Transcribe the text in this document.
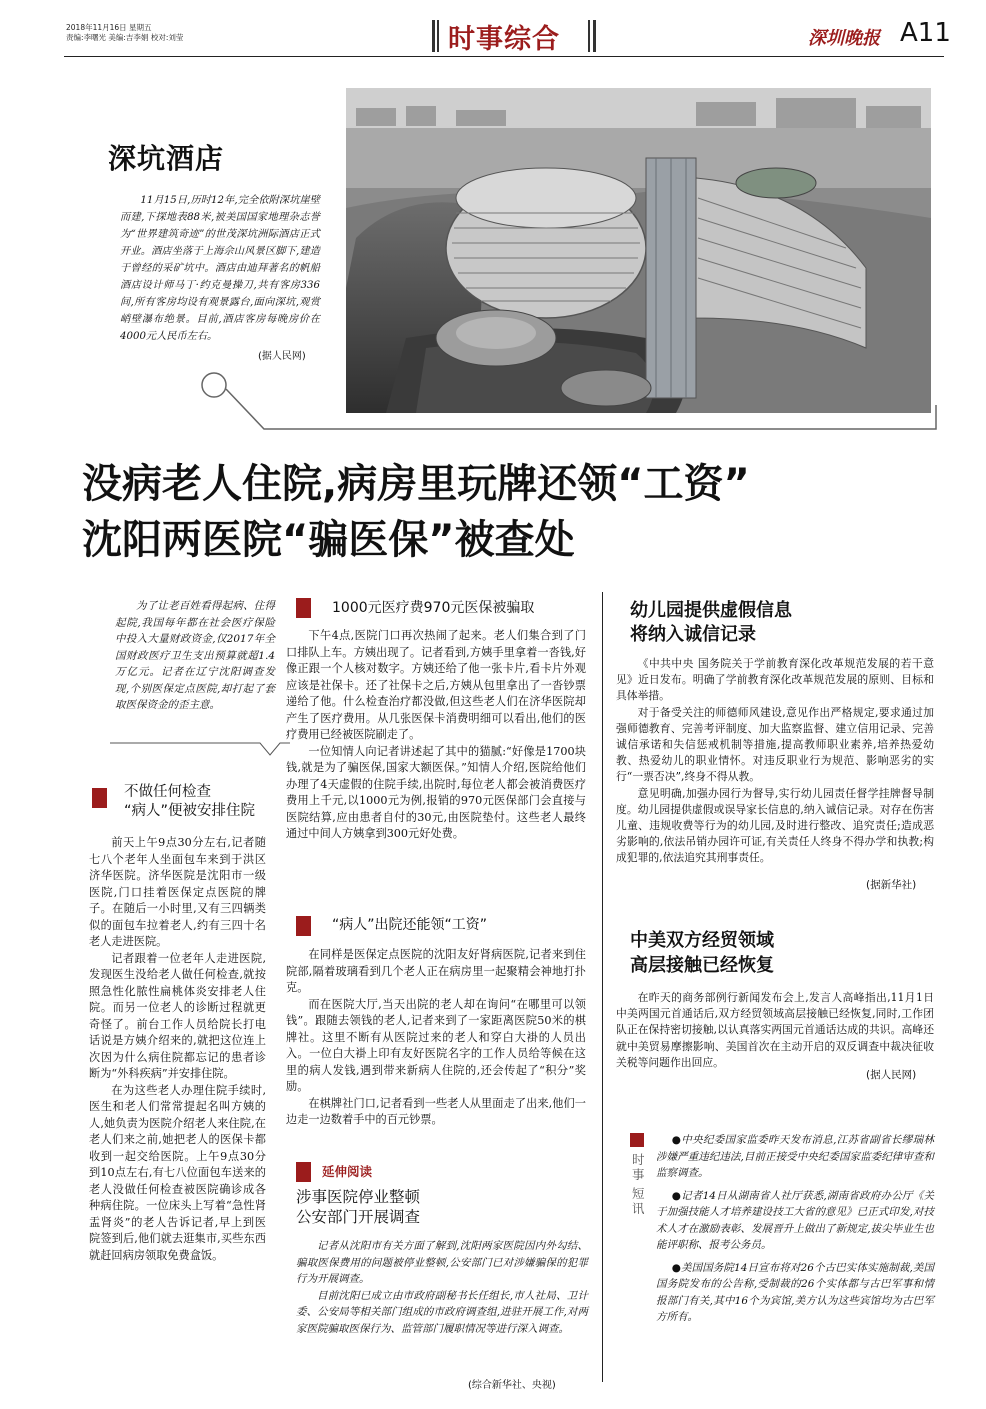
2018年11月16日 星期五
责编:李曙光 美编:吉李娟 校对:刘莹	时事综合	深圳晚报 A11
深坑酒店
11月15日,历时12年,完全依附深坑崖壁而建,下探地表88米,被美国国家地理杂志誉为“世界建筑奇迹”的世茂深坑洲际酒店正式开业。酒店坐落于上海佘山风景区脚下,建造于曾经的采矿坑中。酒店由迪拜著名的帆船酒店设计师马丁·约克曼操刀,共有客房336间,所有客房均设有观景露台,面向深坑,观赏峭壁瀑布绝景。目前,酒店客房每晚房价在4000元人民币左右。
(据人民网)
没病老人住院,病房里玩牌还领“工资”
沈阳两医院“骗医保”被查处
为了让老百姓看得起病、住得起院,我国每年都在社会医疗保险中投入大量财政资金,仅2017年全国财政医疗卫生支出预算就超1.4万亿元。记者在辽宁沈阳调查发现,个别医保定点医院,却打起了套取医保资金的歪主意。
不做任何检查
“病人”便被安排住院

前天上午9点30分左右,记者随七八个老年人坐面包车来到于洪区济华医院。济华医院是沈阳市一级医院,门口挂着医保定点医院的牌子。在随后一小时里,又有三四辆类似的面包车拉着老人,约有三四十名老人走进医院。

记者跟着一位老年人走进医院,发现医生没给老人做任何检查,就按照急性化脓性扁桃体炎安排老人住院。而另一位老人的诊断过程就更奇怪了。前台工作人员给院长打电话说是方姨介绍来的,就把这位连上次因为什么病住院都忘记的患者诊断为“外科疾病”并安排住院。

在为这些老人办理住院手续时,医生和老人们常常提起名叫方姨的人,她负责为医院介绍老人来住院,在老人们来之前,她把老人的医保卡都收到一起交给医院。上午9点30分到10点左右,有七八位面包车送来的老人没做任何检查被医院确诊成各种病住院。一位床头上写着“急性肾盂肾炎”的老人告诉记者,早上到医院签到后,他们就去逛集市,买些东西就赶回病房领取免费盒饭。

1000元医疗费970元医保被骗取

下午4点,医院门口再次热闹了起来。老人们集合到了门口排队上车。方姨出现了。记者看到,方姨手里拿着一沓钱,好像正跟一个人核对数字。方姨还给了他一张卡片,看卡片外观应该是社保卡。还了社保卡之后,方姨从包里拿出了一沓钞票递给了他。什么检查治疗都没做,但这些老人们在济华医院却产生了医疗费用。从几张医保卡消费明细可以看出,他们的医疗费用已经被医院刷走了。

一位知情人向记者讲述起了其中的猫腻:“好像是1700块钱,就是为了骗医保,国家大额医保。”知情人介绍,医院给他们办理了4天虚假的住院手续,出院时,每位老人都会被消费医疗费用上千元,以1000元为例,报销的970元医保部门会直接与医院结算,应由患者自付的30元,由医院垫付。这些老人最终通过中间人方姨拿到300元好处费。

“病人”出院还能领“工资”

在同样是医保定点医院的沈阳友好肾病医院,记者来到住院部,隔着玻璃看到几个老人正在病房里一起聚精会神地打扑克。

而在医院大厅,当天出院的老人却在询问“在哪里可以领钱”。跟随去领钱的老人,记者来到了一家距离医院50米的棋牌社。这里不断有从医院过来的老人和穿白大褂的人员出入。一位白大褂上印有友好医院名字的工作人员给等候在这里的病人发钱,遇到带来新病人住院的,还会传起了“积分”奖励。

在棋牌社门口,记者看到一些老人从里面走了出来,他们一边走一边数着手中的百元钞票。

延伸阅读
涉事医院停业整顿
公安部门开展调查

记者从沈阳市有关方面了解到,沈阳两家医院因内外勾结、骗取医保费用的问题被停业整顿,公安部门已对涉嫌骗保的犯罪行为开展调查。

目前沈阳已成立由市政府副秘书长任组长,市人社局、卫计委、公安局等相关部门组成的市政府调查组,进驻开展工作,对两家医院骗取医保行为、监管部门履职情况等进行深入调查。

(综合新华社、央视)
幼儿园提供虚假信息
将纳入诚信记录

《中共中央 国务院关于学前教育深化改革规范发展的若干意见》近日发布。明确了学前教育深化改革规范发展的原则、目标和具体举措。

对于备受关注的师德师风建设,意见作出严格规定,要求通过加强师德教育、完善考评制度、加大监察监督、建立信用记录、完善诚信承诺和失信惩戒机制等措施,提高教师职业素养,培养热爱幼教、热爱幼儿的职业情怀。对违反职业行为规范、影响恶劣的实行“一票否决”,终身不得从教。

意见明确,加强办园行为督导,实行幼儿园责任督学挂牌督导制度。幼儿园提供虚假或误导家长信息的,纳入诚信记录。对存在伤害儿童、违规收费等行为的幼儿园,及时进行整改、追究责任;造成恶劣影响的,依法吊销办园许可证,有关责任人终身不得办学和执教;构成犯罪的,依法追究其刑事责任。

(据新华社)
中美双方经贸领域
高层接触已经恢复

在昨天的商务部例行新闻发布会上,发言人高峰指出,11月1日中美两国元首通话后,双方经贸领域高层接触已经恢复,同时,工作团队正在保持密切接触,以认真落实两国元首通话达成的共识。高峰还就中美贸易摩擦影响、美国首次在主动开启的双反调查中裁决征收关税等问题作出回应。

(据人民网)
时事
短讯

●中央纪委国家监委昨天发布消息,江苏省副省长缪瑞林涉嫌严重违纪违法,目前正接受中央纪委国家监委纪律审查和监察调查。

●记者14日从湖南省人社厅获悉,湖南省政府办公厅《关于加强技能人才培养建设技工大省的意见》已正式印发,对技术人才在激励表彰、发展晋升上做出了新规定,拔尖毕业生也能评职称、报考公务员。

●美国国务院14日宣布将对26个古巴实体实施制裁,美国国务院发布的公告称,受制裁的26个实体都与古巴军事和情报部门有关,其中16个为宾馆,美方认为这些宾馆均为古巴军方所有。
